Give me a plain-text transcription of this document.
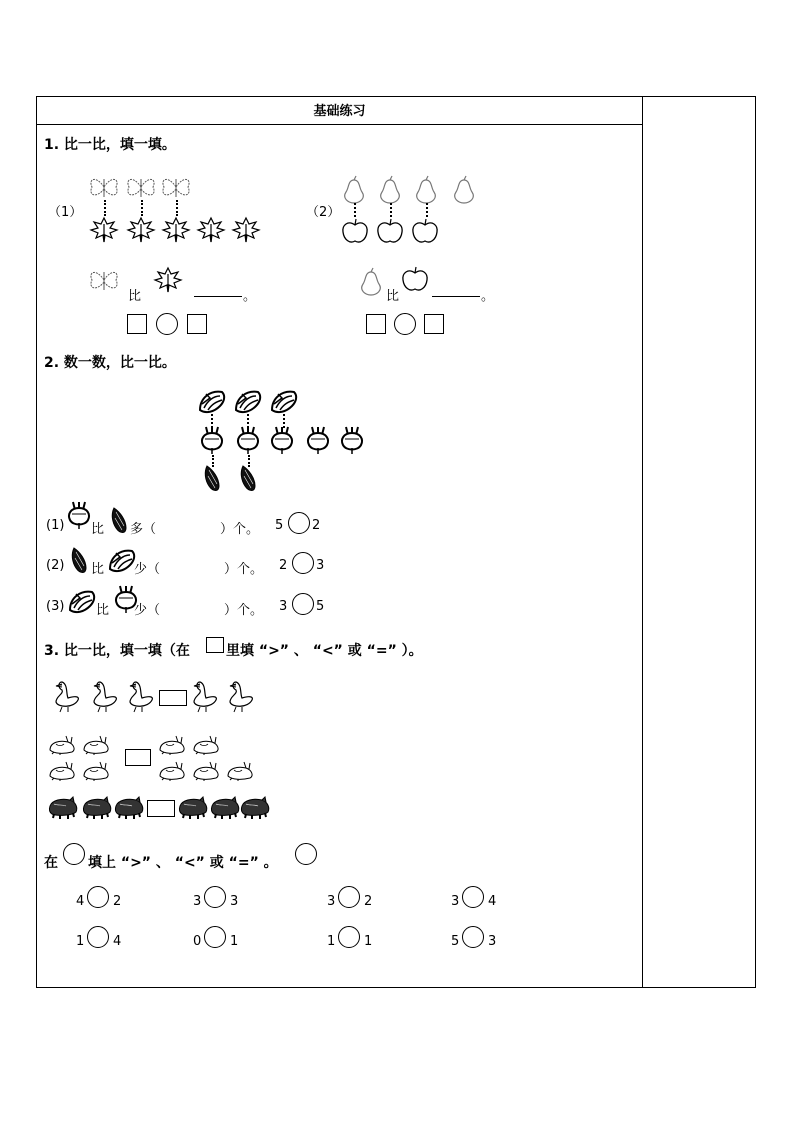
基础练习
1. 比一比，填一填。
（1）
比	。
（2）
比	。
2. 数一数，比一比。
(1) 比 多（	）个。 5 2
(2) 比 少（	）个。 2 3
(3) 比 少（	）个。 3 5
3. 比一比，填一填（在	里填 “>” 、 “<” 或 “=” ）。
在 填上 “>” 、 “<” 或 “=” 。
4 2	3 3	3 2	3 4
1 4	0 1	1 1	5 3
